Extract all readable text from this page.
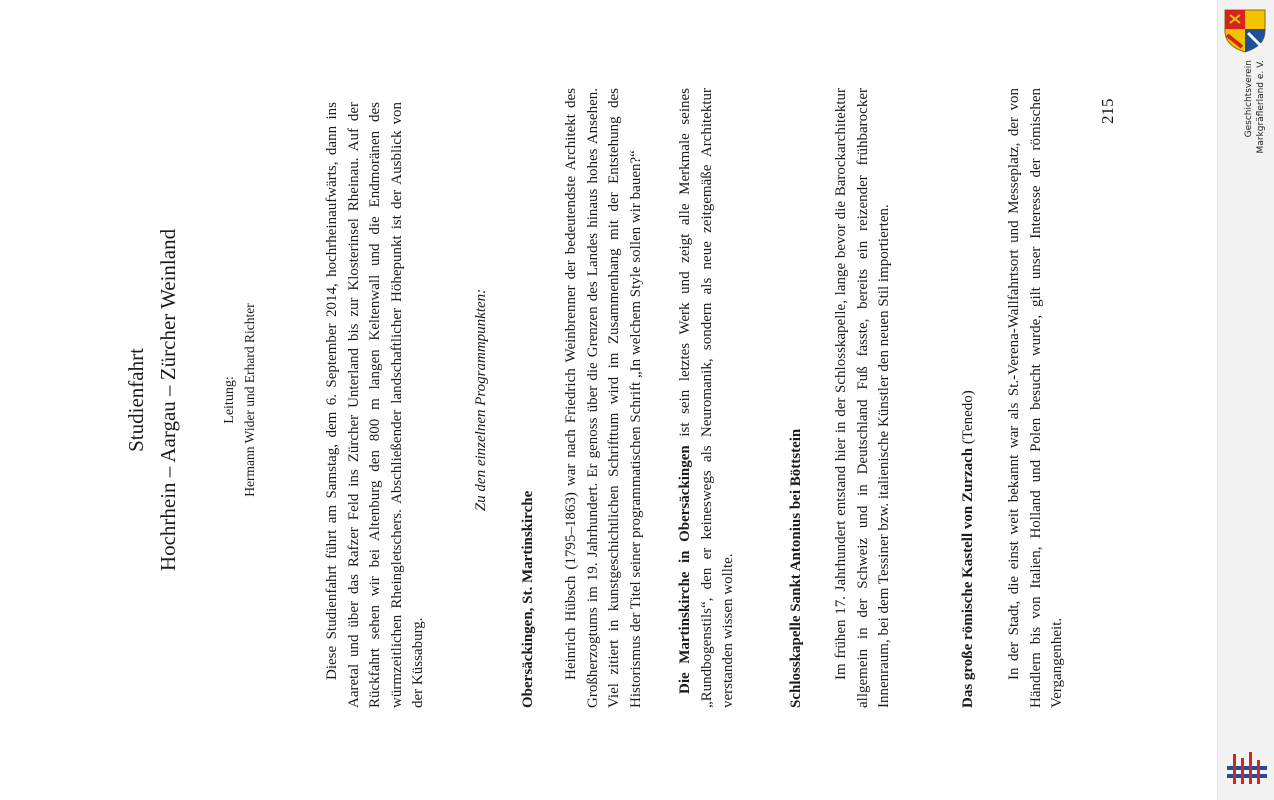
Studienfahrt Hochrhein – Aargau – Zürcher Weinland	Leitung: Hermann Wider und Erhard Richter	Diese Studienfahrt führt am Samstag, dem 6. September 2014, hochrheinaufwärts, dann ins Aaretal und über das Rafzer Feld ins Zürcher Unterland bis zur Klosterinsel Rheinau. Auf der Rückfahrt sehen wir bei Altenburg den 800 m langen Keltenwall und die Endmoränen des würmzeitlichen Rheingletschers. Abschließender landschaftlicher Höhepunkt ist der Ausblick von der Küssaburg.
Zu den einzelnen Programmpunkten:
Obersäckingen, St. Martinskirche Heinrich Hübsch (1795–1863) war nach Friedrich Weinbrenner der bedeutendste Architekt des Großherzogtums im 19. Jahrhundert. Er genoss über die Grenzen des Landes hinaus hohes Ansehen. Viel zitiert in kunstgeschichtlichen Schrifttum wird im Zusammenhang mit der Entstehung des Historismus der Titel seiner programmatischen Schrift „In welchem Style sollen wir bauen?“ Die Martinskirche in Obersäckingen ist sein letztes Werk und zeigt alle Merkmale seines „Rundbogenstils“, den er keineswegs als Neuromanik, sondern als neue zeitgemäße Architektur verstanden wissen wollte.	Schlosskapelle Sankt Antonius bei Böttstein Im frühen 17. Jahrhundert entstand hier in der Schlosskapelle, lange bevor die Barockarchitektur allgemein in der Schweiz und in Deutschland Fuß fasste, bereits ein reizender frühbarocker Innenraum, bei dem Tessiner bzw. italienische Künstler den neuen Stil importierten.	Das große römische Kastell von Zurzach (Tenedo) In der Stadt, die einst weit bekannt war als St.-Verena-Wallfahrtsort und Messeplatz, der von Händlern bis von Italien, Holland und Polen besucht wurde, gilt unser Interesse der römischen Vergangenheit.
215	Geschichtsverein Markgräflerland e. V.
